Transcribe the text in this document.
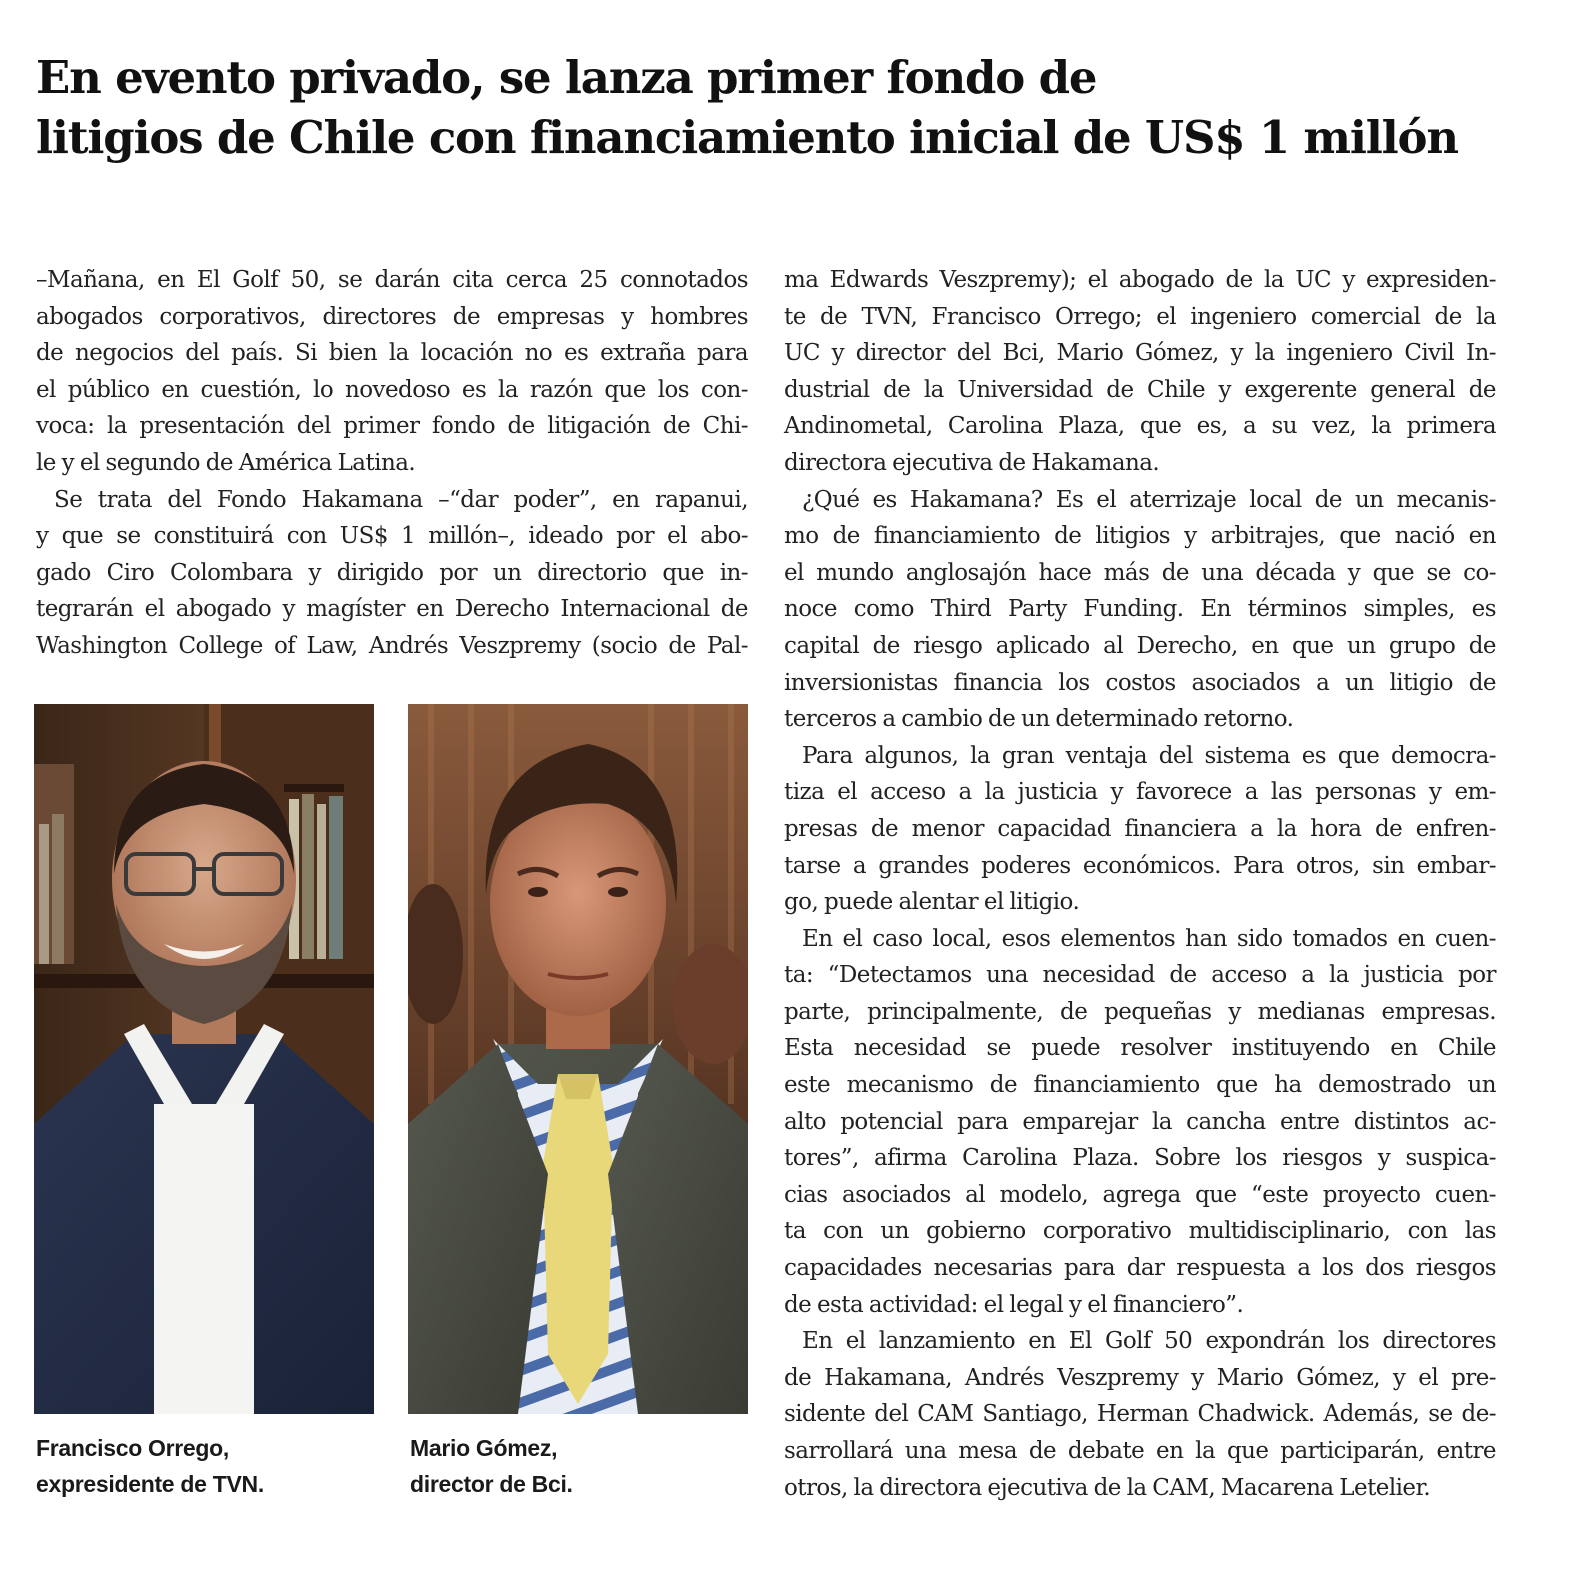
En evento privado, se lanza primer fondo de
litigios de Chile con financiamiento inicial de US$ 1 millón
–Mañana, en El Golf 50, se darán cita cerca 25 connotados
abogados corporativos, directores de empresas y hombres
de negocios del país. Si bien la locación no es extraña para
el público en cuestión, lo novedoso es la razón que los con-
voca: la presentación del primer fondo de litigación de Chi-
le y el segundo de América Latina.
Se trata del Fondo Hakamana –“dar poder”, en rapanui,
y que se constituirá con US$ 1 millón–, ideado por el abo-
gado Ciro Colombara y dirigido por un directorio que in-
tegrarán el abogado y magíster en Derecho Internacional de
Washington College of Law, Andrés Veszpremy (socio de Pal-
ma Edwards Veszpremy); el abogado de la UC y expresiden-
te de TVN, Francisco Orrego; el ingeniero comercial de la
UC y director del Bci, Mario Gómez, y la ingeniero Civil In-
dustrial de la Universidad de Chile y exgerente general de
Andinometal, Carolina Plaza, que es, a su vez, la primera
directora ejecutiva de Hakamana.
¿Qué es Hakamana? Es el aterrizaje local de un mecanis-
mo de financiamiento de litigios y arbitrajes, que nació en
el mundo anglosajón hace más de una década y que se co-
noce como Third Party Funding. En términos simples, es
capital de riesgo aplicado al Derecho, en que un grupo de
inversionistas financia los costos asociados a un litigio de
terceros a cambio de un determinado retorno.
Para algunos, la gran ventaja del sistema es que democra-
tiza el acceso a la justicia y favorece a las personas y em-
presas de menor capacidad financiera a la hora de enfren-
tarse a grandes poderes económicos. Para otros, sin embar-
go, puede alentar el litigio.
En el caso local, esos elementos han sido tomados en cuen-
ta: “Detectamos una necesidad de acceso a la justicia por
parte, principalmente, de pequeñas y medianas empresas.
Esta necesidad se puede resolver instituyendo en Chile
este mecanismo de financiamiento que ha demostrado un
alto potencial para emparejar la cancha entre distintos ac-
tores”, afirma Carolina Plaza. Sobre los riesgos y suspica-
cias asociados al modelo, agrega que “este proyecto cuen-
ta con un gobierno corporativo multidisciplinario, con las
capacidades necesarias para dar respuesta a los dos riesgos
de esta actividad: el legal y el financiero”.
En el lanzamiento en El Golf 50 expondrán los directores
de Hakamana, Andrés Veszpremy y Mario Gómez, y el pre-
sidente del CAM Santiago, Herman Chadwick. Además, se de-
sarrollará una mesa de debate en la que participarán, entre
otros, la directora ejecutiva de la CAM, Macarena Letelier.
Francisco Orrego,
expresidente de TVN.
Mario Gómez,
director de Bci.
